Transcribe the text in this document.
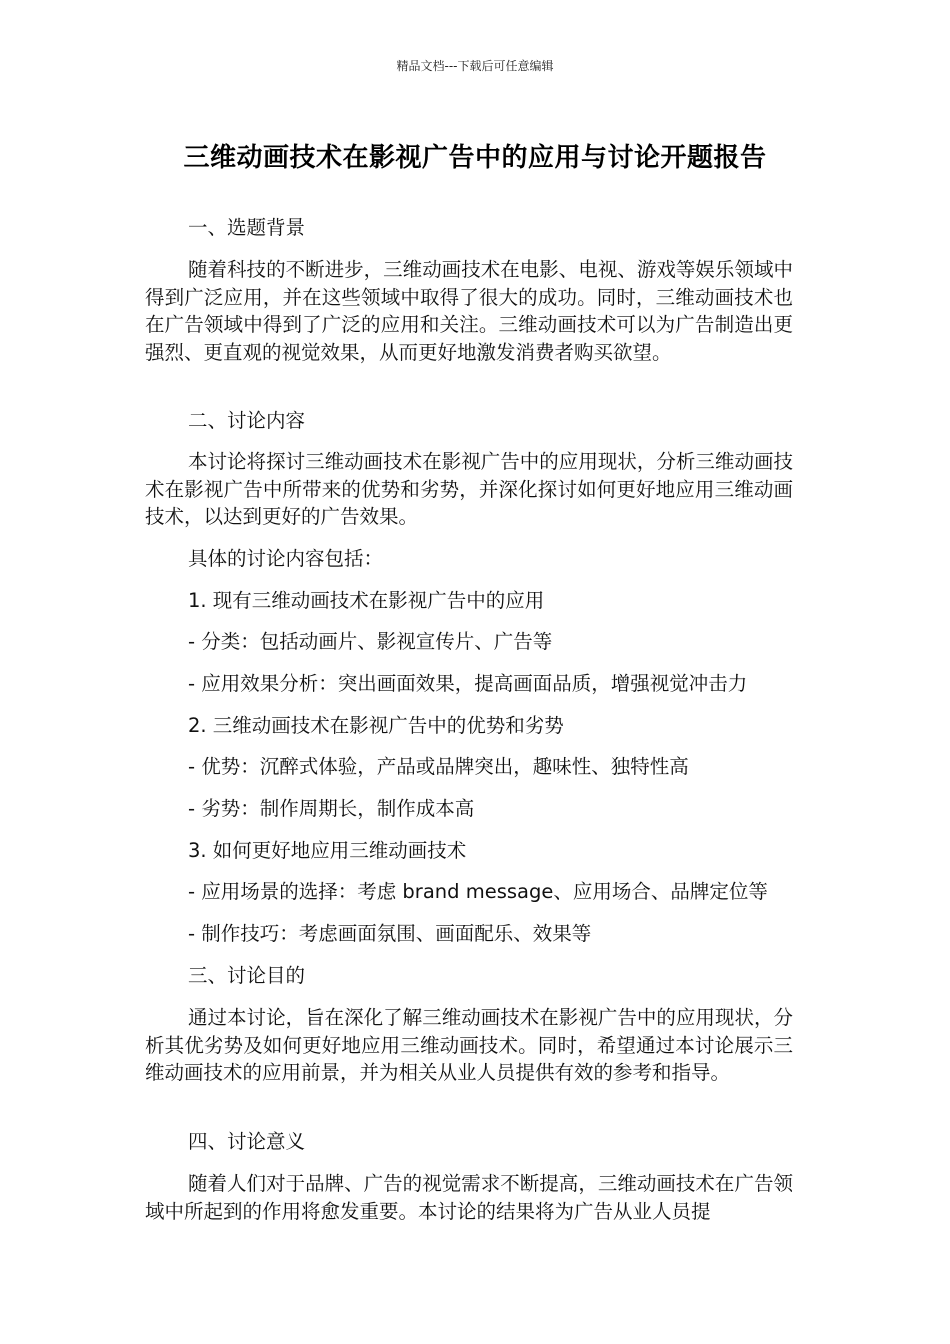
精品文档---下载后可任意编辑
三维动画技术在影视广告中的应用与讨论开题报告
一、选题背景
随着科技的不断进步，三维动画技术在电影、电视、游戏等娱乐领域中得到广泛应用，并在这些领域中取得了很大的成功。同时，三维动画技术也在广告领域中得到了广泛的应用和关注。三维动画技术可以为广告制造出更强烈、更直观的视觉效果，从而更好地激发消费者购买欲望。
二、讨论内容
本讨论将探讨三维动画技术在影视广告中的应用现状，分析三维动画技术在影视广告中所带来的优势和劣势，并深化探讨如何更好地应用三维动画技术，以达到更好的广告效果。
具体的讨论内容包括：
1. 现有三维动画技术在影视广告中的应用
- 分类：包括动画片、影视宣传片、广告等
- 应用效果分析：突出画面效果，提高画面品质，增强视觉冲击力
2. 三维动画技术在影视广告中的优势和劣势
- 优势：沉醉式体验，产品或品牌突出，趣味性、独特性高
- 劣势：制作周期长，制作成本高
3. 如何更好地应用三维动画技术
- 应用场景的选择：考虑 brand message、应用场合、品牌定位等
- 制作技巧：考虑画面氛围、画面配乐、效果等
三、讨论目的
通过本讨论，旨在深化了解三维动画技术在影视广告中的应用现状，分析其优劣势及如何更好地应用三维动画技术。同时，希望通过本讨论展示三维动画技术的应用前景，并为相关从业人员提供有效的参考和指导。
四、讨论意义
随着人们对于品牌、广告的视觉需求不断提高，三维动画技术在广告领域中所起到的作用将愈发重要。本讨论的结果将为广告从业人员提
